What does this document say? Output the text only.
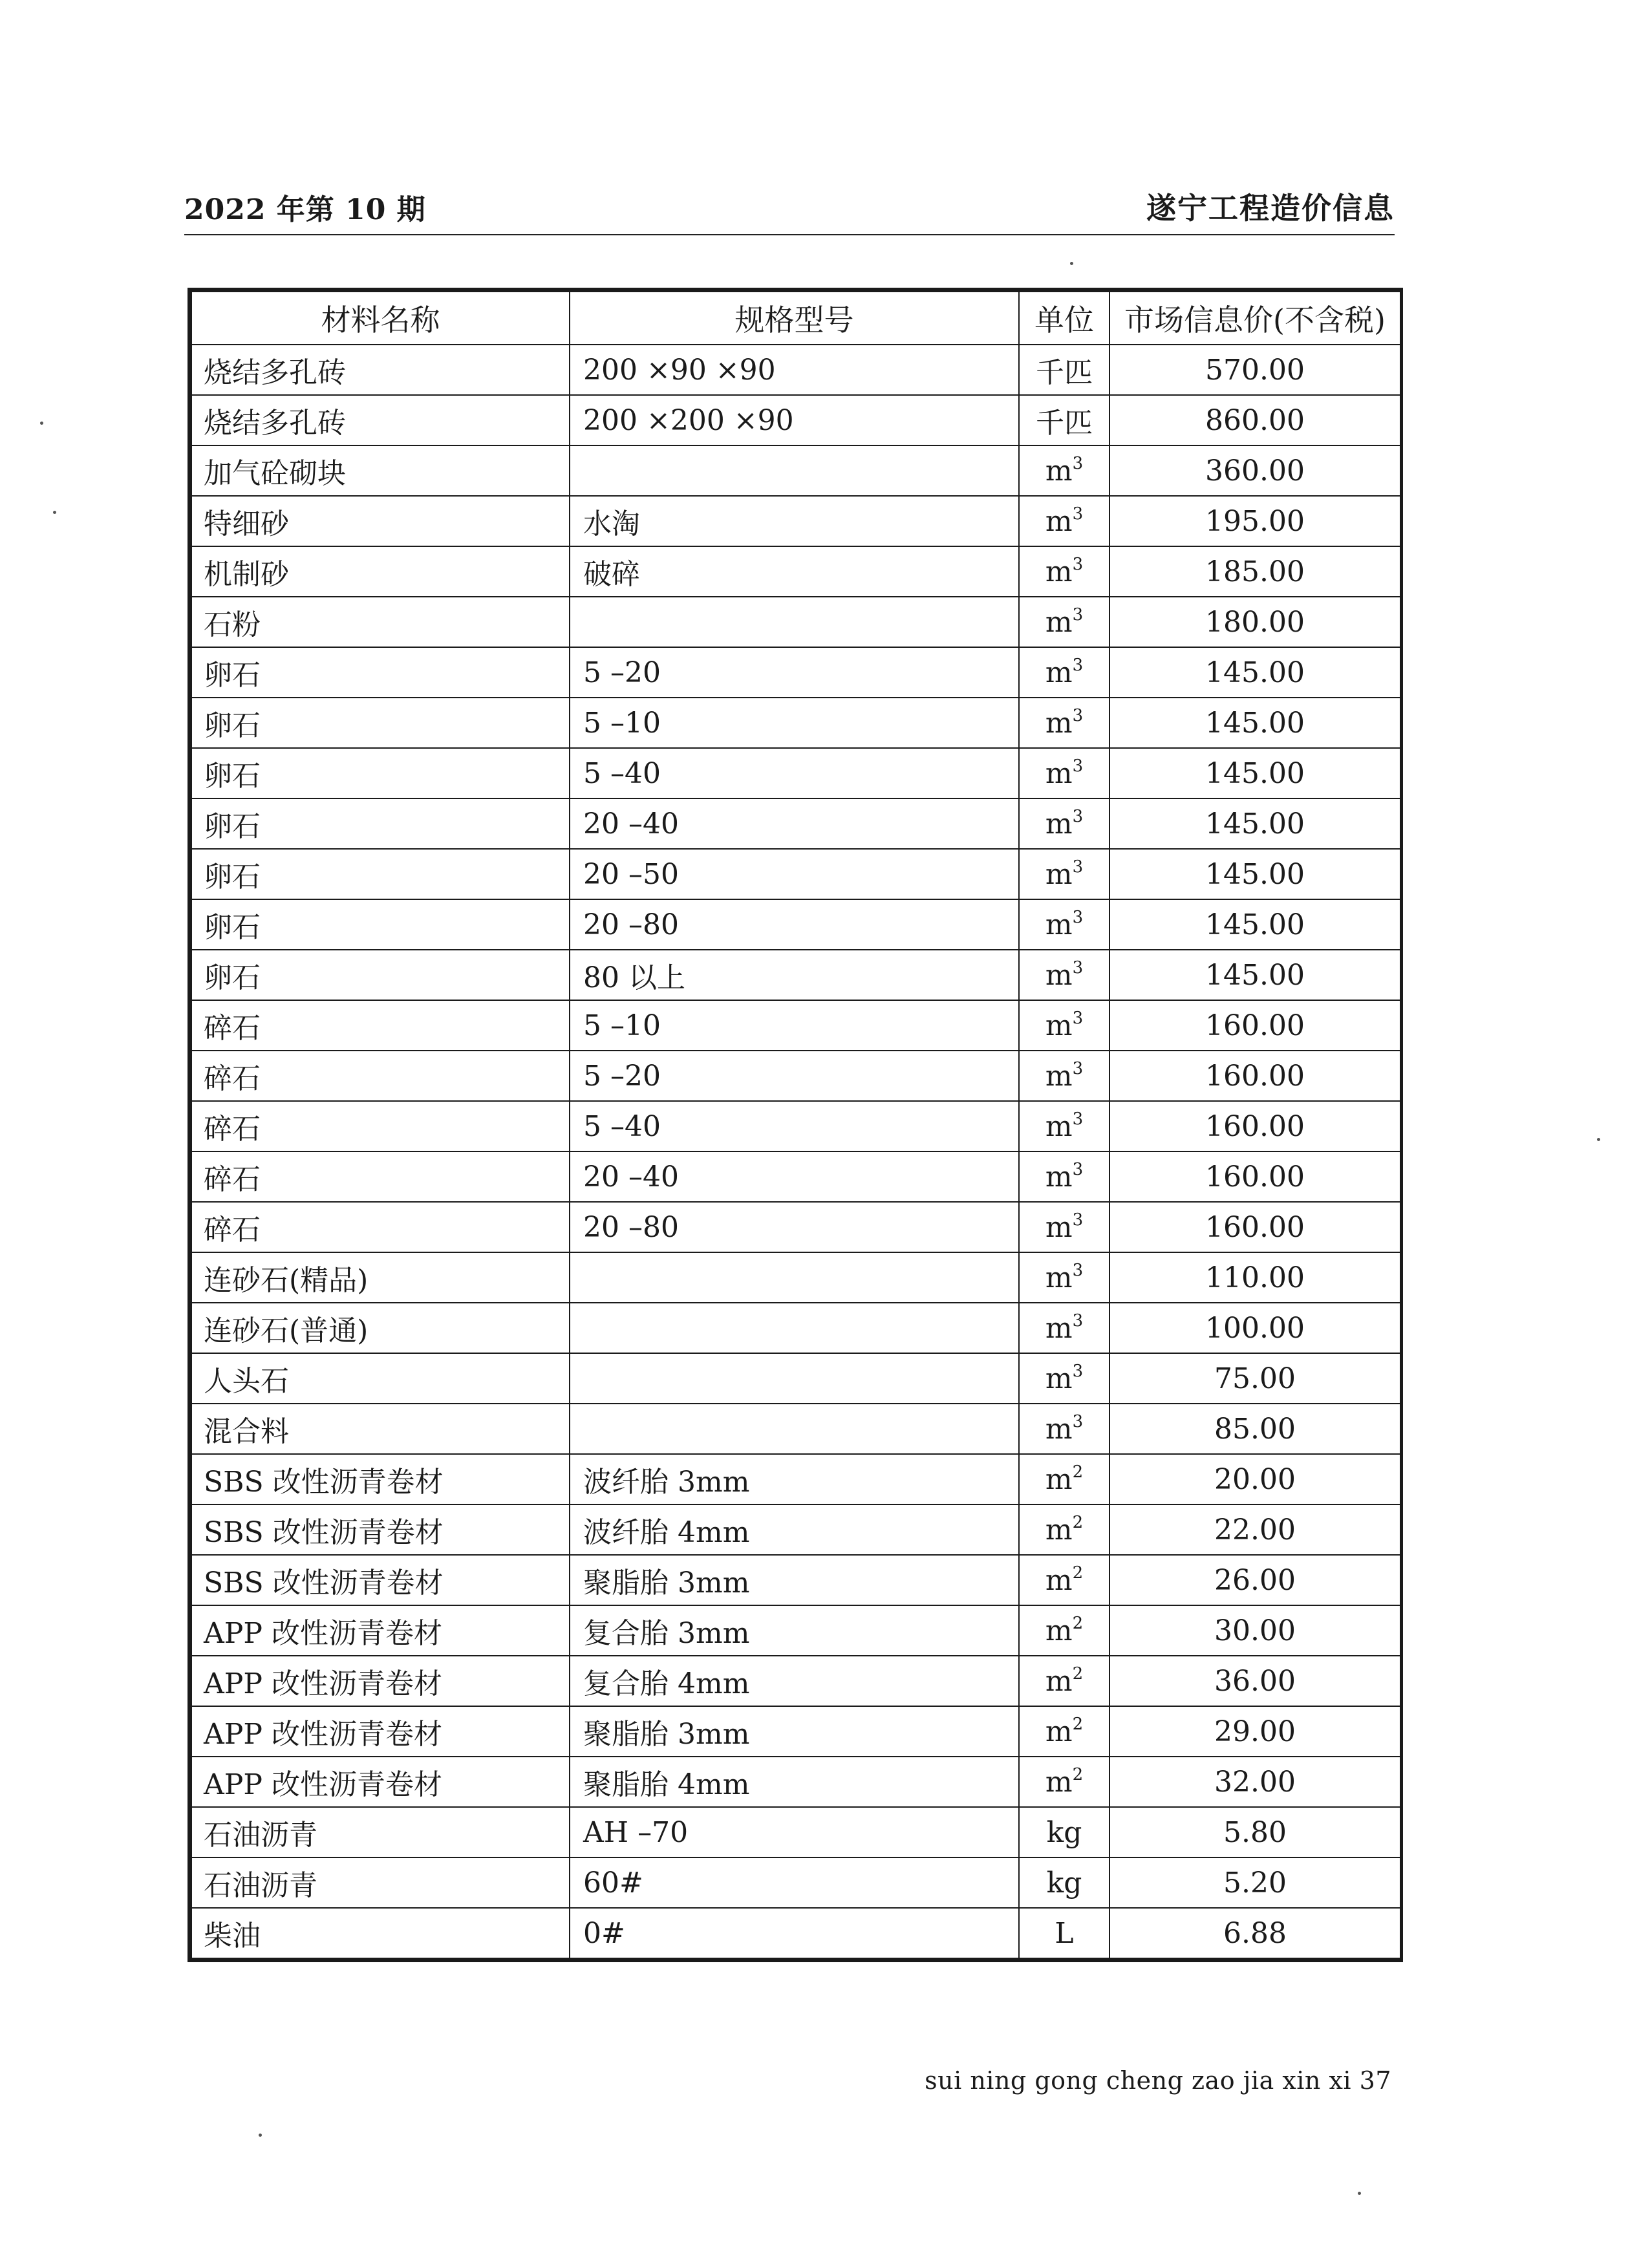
2022 年第 10 期	遂宁工程造价信息
材料名称	规格型号	单位	市场信息价(不含税)
烧结多孔砖	200 ×90 ×90	千匹	570.00
烧结多孔砖	200 ×200 ×90	千匹	860.00
加气砼砌块		$m^3$	360.00
特细砂	水淘	$m^3$	195.00
机制砂	破碎	$m^3$	185.00
石粉		$m^3$	180.00
卵石	5 –20	$m^3$	145.00
卵石	5 –10	$m^3$	145.00
卵石	5 –40	$m^3$	145.00
卵石	20 –40	$m^3$	145.00
卵石	20 –50	$m^3$	145.00
卵石	20 –80	$m^3$	145.00
卵石	80 以上	$m^3$	145.00
碎石	5 –10	$m^3$	160.00
碎石	5 –20	$m^3$	160.00
碎石	5 –40	$m^3$	160.00
碎石	20 –40	$m^3$	160.00
碎石	20 –80	$m^3$	160.00
连砂石(精品)		$m^3$	110.00
连砂石(普通)		$m^3$	100.00
人头石		$m^3$	75.00
混合料		$m^3$	85.00
SBS 改性沥青卷材	波纤胎 3mm	$m^2$	20.00
SBS 改性沥青卷材	波纤胎 4mm	$m^2$	22.00
SBS 改性沥青卷材	聚脂胎 3mm	$m^2$	26.00
APP 改性沥青卷材	复合胎 3mm	$m^2$	30.00
APP 改性沥青卷材	复合胎 4mm	$m^2$	36.00
APP 改性沥青卷材	聚脂胎 3mm	$m^2$	29.00
APP 改性沥青卷材	聚脂胎 4mm	$m^2$	32.00
石油沥青	AH –70	kg	5.80
石油沥青	60#	kg	5.20
柴油	0#	L	6.88
sui ning gong cheng zao jia xin xi 37
